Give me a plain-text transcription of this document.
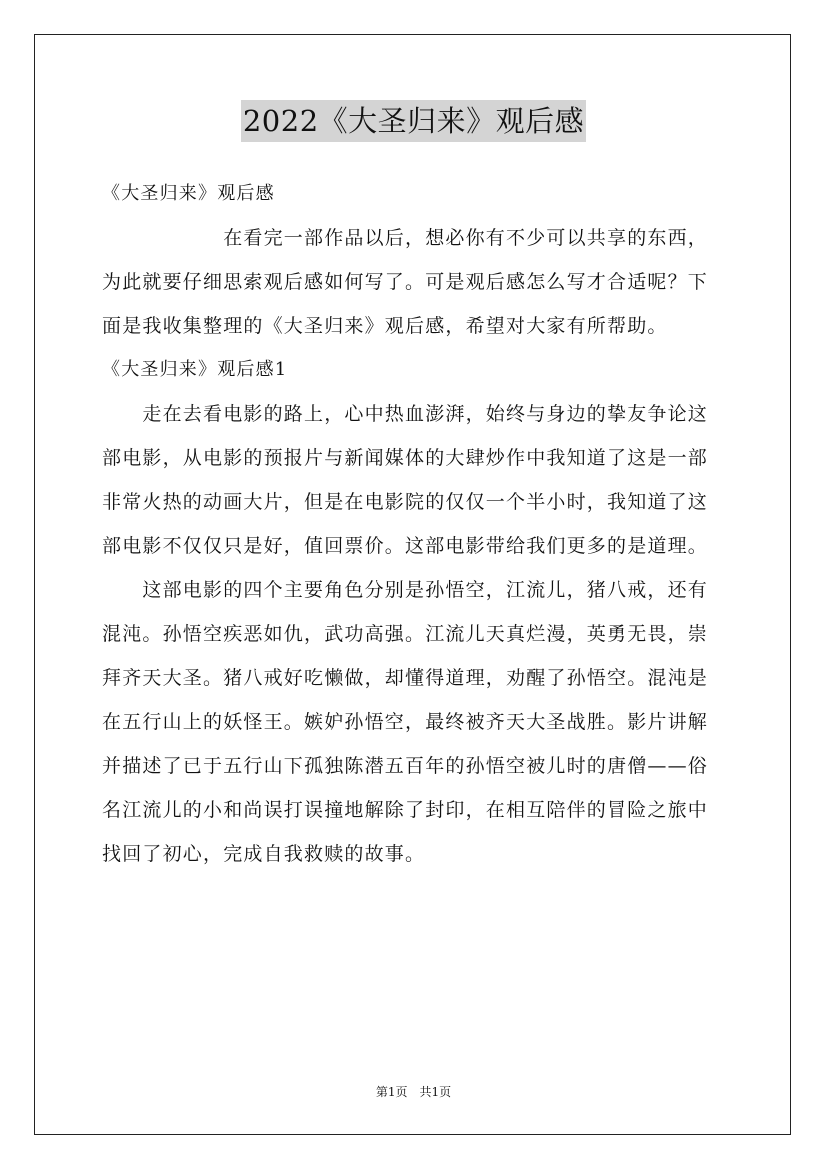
2022《大圣归来》观后感
《大圣归来》观后感
　　　　　　在看完一部作品以后，想必你有不少可以共享的东西，
为此就要仔细思索观后感如何写了。可是观后感怎么写才合适呢？下
面是我收集整理的《大圣归来》观后感，希望对大家有所帮助。
《大圣归来》观后感1
　　走在去看电影的路上，心中热血澎湃，始终与身边的挚友争论这
部电影，从电影的预报片与新闻媒体的大肆炒作中我知道了这是一部
非常火热的动画大片，但是在电影院的仅仅一个半小时，我知道了这
部电影不仅仅只是好，值回票价。这部电影带给我们更多的是道理。
　　这部电影的四个主要角色分别是孙悟空，江流儿，猪八戒，还有
混沌。孙悟空疾恶如仇，武功高强。江流儿天真烂漫，英勇无畏，崇
拜齐天大圣。猪八戒好吃懒做，却懂得道理，劝醒了孙悟空。混沌是
在五行山上的妖怪王。嫉妒孙悟空，最终被齐天大圣战胜。影片讲解
并描述了已于五行山下孤独陈潜五百年的孙悟空被儿时的唐僧——俗
名江流儿的小和尚误打误撞地解除了封印，在相互陪伴的冒险之旅中
找回了初心，完成自我救赎的故事。
第1页　共1页
